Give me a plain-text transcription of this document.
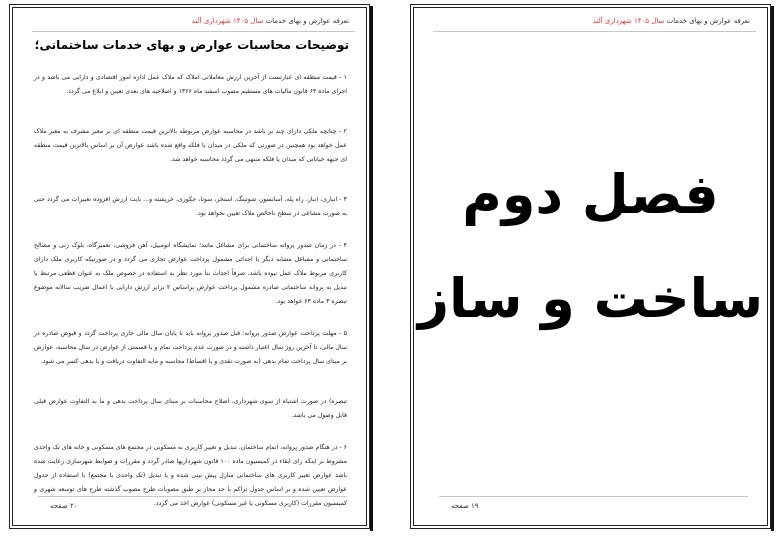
تعرفه عوارض و بهای خدمات سال ۱۴۰۵ شهرداری آلند
توضیحات محاسبات عوارض و بهای خدمات ساختمانی؛

۱ - قیمت منطقه ای عبارتست از آخرین ارزش معاملاتی املاک که ملاک عمل اداره امور اقتصادی و دارایی می باشد و در اجرای ماده ۶۴ قانون مالیات های مستقیم مصوب اسفند ماه ۱۳۶۶ و اصلاحیه های بعدی تعیین و ابلاغ می گردد.

۲ - چنانچه ملکی دارای چند بر باشد در محاسبه عوارض مربوطه بالاترین قیمت منطقه ای بر معبر مشرف به معبر ملاک عمل خواهد بود همچنین در صورتی که ملکی در میدان یا فلکه واقع شده باشد عوارض آن بر اساس بالاترین قیمت منطقه ای جبهه خیابانی که میدان یا فلکه منتهی می گردد محاسبه خواهد شد.

۳ - انباری، انبار، راه پله، آسانسور، شوتینگ، استخر، سونا، جکوزی، خرپشته و... بابت ارزش افزوده تغییرات می گردد حتی به صورت مشاعی در سطح ناخالص ملاک تعیین نخواهد بود.

۴ - در زمان صدور پروانه ساختمانی برای مشاغل مانند؛ نمایشگاه اتومبیل، آهن فروشی، تعمیرگاه، بلوک زنی و مصالح ساختمانی و مشاغل مشابه دیگر با احداثی مشمول پرداخت عوارض تجاری می گردد و در صورتیکه کاربری ملک دارای کاربری مربوط ملاک عمل نبوده باشد، صرفاً احداث بنا مورد نظر به استفاده در خصوص ملک به عنوان قطعی مرتبط با تبدیل به پروانه ساختمانی صادره مشمول پرداخت عوارض براساس ۲ برابر ارزش دارایی با اعمال ضریب سالانه موضوع تبصره ۳ ماده ۶۴ خواهد بود.

۵ - مهلت پرداخت عوارض صدور پروانه: قبل صدور پروانه باید تا پایان سال مالی جاری پرداخت گردد و قبوض صادره در سال مالی، تا آخرین روز سال اعتبار داشته و در صورت عدم پرداخت تمام و یا قسمتی از عوارض در سال محاسبه، عوارض بر مبنای سال پرداخت تمام بدهی (به صورت نقدی و یا اقساط) محاسبه و مابه التفاوت دریافت و یا بدهی کسر می شود.

تبصره) در صورت اشتباه از سوی شهرداری، اصلاح محاسبات بر مبنای سال پرداخت بدهی و ما به التفاوت عوارض قبلی قابل وصول می باشد.

۶ - در هنگام صدور پروانه، اتمام ساختمان، تبدیل و تغییر کاربری به مسکونی در مجتمع های مسکونی و خانه های تک واحدی مشروط بر اینکه رای ابقاء در کمیسیون ماده ۱۰۰ قانون شهرداریها صادر گردد و مقررات و ضوابط شهرسازی رعایت شده باشد عوارض تغییر کاربری های ساختمانی منازل پیش بینی شده و یا تبدیل (تک واحدی یا مجتمع) با استفاده از جدول عوارض تعیین شده و بر اساس جدول تراکم با حد مجاز بر طبق مصوبات طرح مصوب گذشته طرح های توسعه شهری و کمیسیون مقررات (کاربری مسکونی یا غیر مسکونی) عوارض اخذ می گردد.

۲۰ صفحه
تعرفه عوارض و بهای خدمات سال ۱۴۰۵ شهرداری آلند
فصل دوم
ساخت و ساز
۱۹ صفحه
